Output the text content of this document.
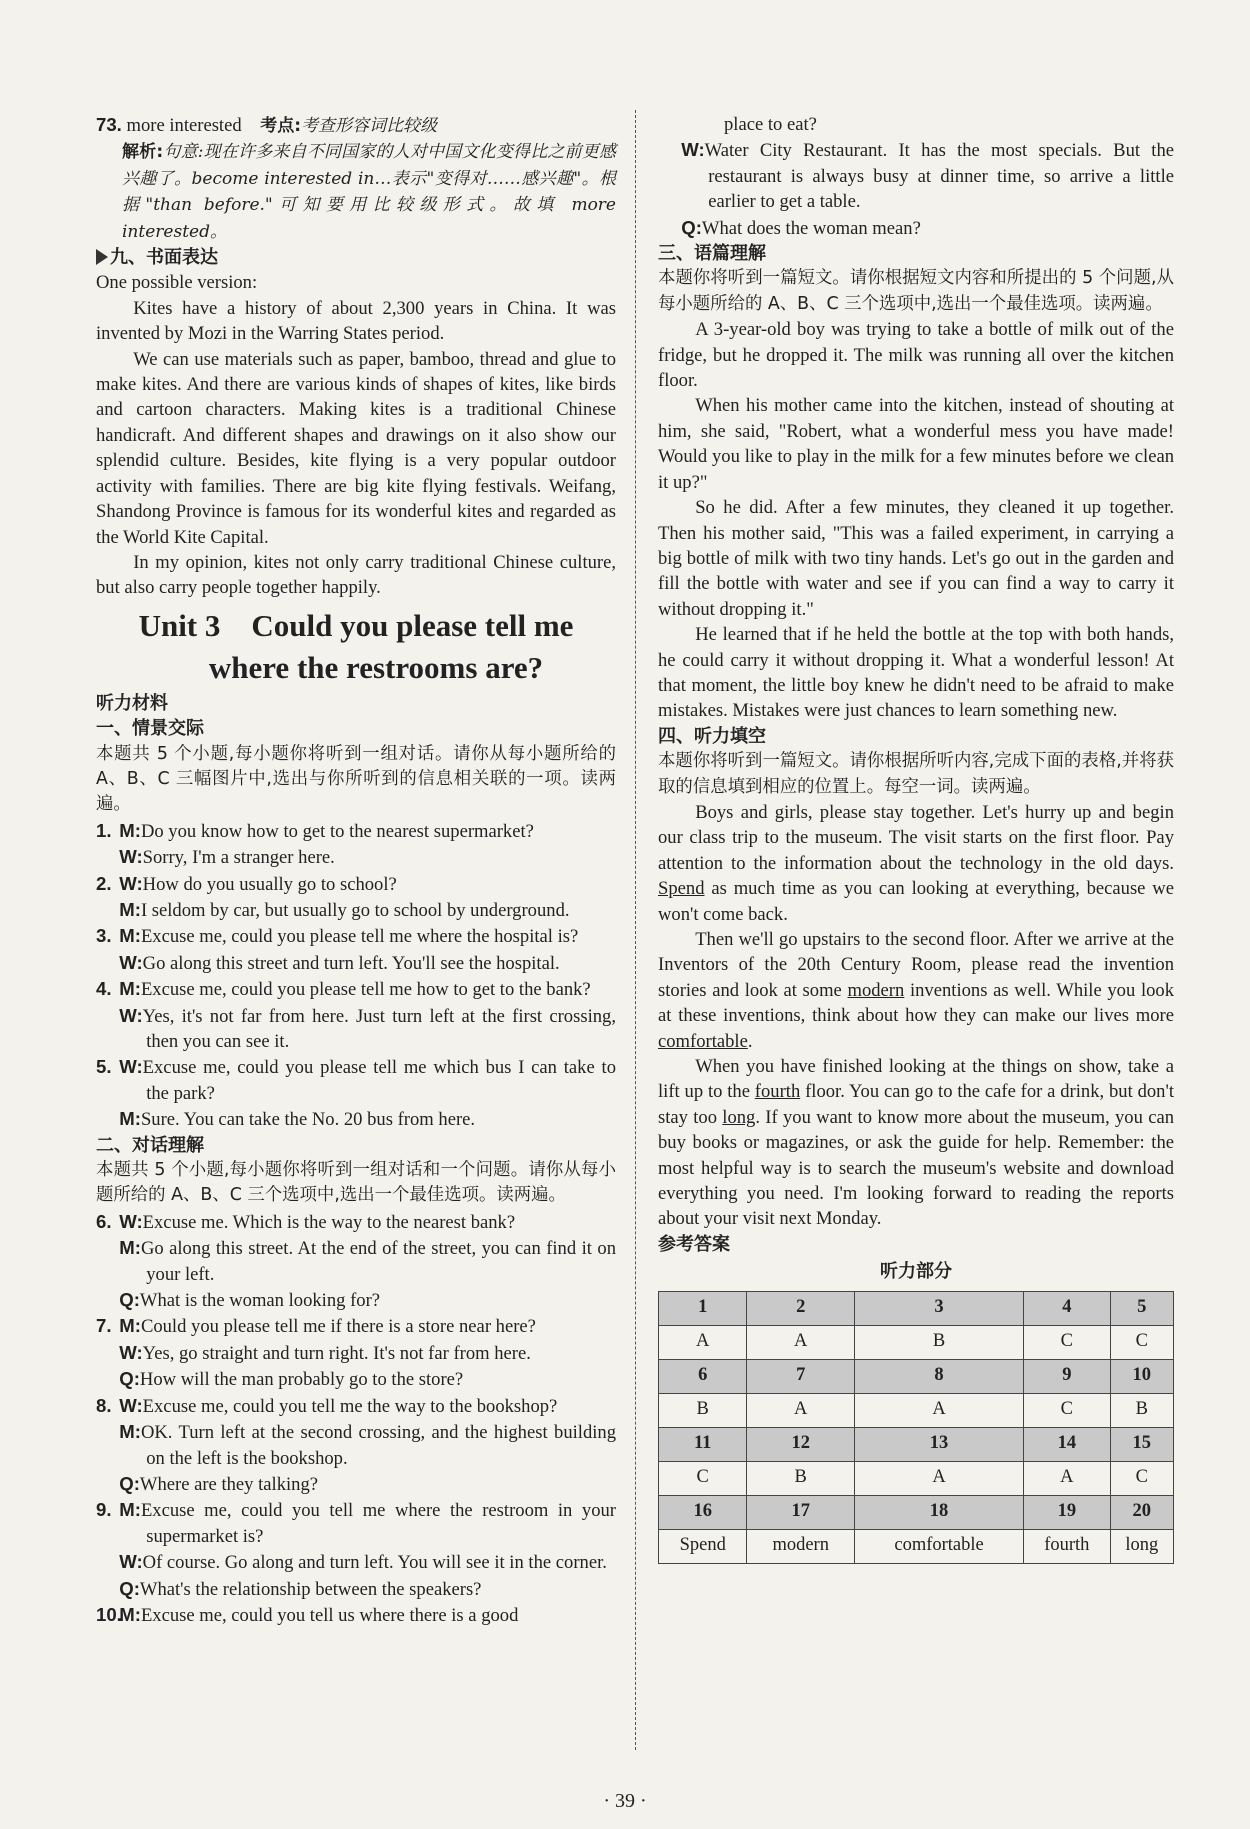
73. more interested 考点:考查形容词比较级

解析:句意:现在许多来自不同国家的人对中国文化变得比之前更感兴趣了。become interested in…表示"变得对……感兴趣"。根据"than before."可知要用比较级形式。故填 more interested。

九、书面表达

One possible version:

Kites have a history of about 2,300 years in China. It was invented by Mozi in the Warring States period.

We can use materials such as paper, bamboo, thread and glue to make kites. And there are various kinds of shapes of kites, like birds and cartoon characters. Making kites is a traditional Chinese handicraft. And different shapes and drawings on it also show our splendid culture. Besides, kite flying is a very popular outdoor activity with families. There are big kite flying festivals. Weifang, Shandong Province is famous for its wonderful kites and regarded as the World Kite Capital.

In my opinion, kites not only carry traditional Chinese culture, but also carry people together happily.

Unit 3    Could you please tell me
where the restrooms are?

听力材料

一、情景交际

本题共 5 个小题,每小题你将听到一组对话。请你从每小题所给的 A、B、C 三幅图片中,选出与你所听到的信息相关联的一项。读两遍。

1. M:Do you know how to get to the nearest supermarket?

W:Sorry, I'm a stranger here.

2. W:How do you usually go to school?

M:I seldom by car, but usually go to school by underground.

3. M:Excuse me, could you please tell me where the hospital is?

W:Go along this street and turn left. You'll see the hospital.

4. M:Excuse me, could you please tell me how to get to the bank?

W:Yes, it's not far from here. Just turn left at the first crossing, then you can see it.

5. W:Excuse me, could you please tell me which bus I can take to the park?

M:Sure. You can take the No. 20 bus from here.

二、对话理解

本题共 5 个小题,每小题你将听到一组对话和一个问题。请你从每小题所给的 A、B、C 三个选项中,选出一个最佳选项。读两遍。

6. W:Excuse me. Which is the way to the nearest bank?

M:Go along this street. At the end of the street, you can find it on your left.

Q:What is the woman looking for?

7. M:Could you please tell me if there is a store near here?

W:Yes, go straight and turn right. It's not far from here.

Q:How will the man probably go to the store?

8. W:Excuse me, could you tell me the way to the bookshop?

M:OK. Turn left at the second crossing, and the highest building on the left is the bookshop.

Q:Where are they talking?

9. M:Excuse me, could you tell me where the restroom in your supermarket is?

W:Of course. Go along and turn left. You will see it in the corner.

Q:What's the relationship between the speakers?

10.M:Excuse me, could you tell us where there is a good

place to eat?

W:Water City Restaurant. It has the most specials. But the restaurant is always busy at dinner time, so arrive a little earlier to get a table.

Q:What does the woman mean?

三、语篇理解

本题你将听到一篇短文。请你根据短文内容和所提出的 5 个问题,从每小题所给的 A、B、C 三个选项中,选出一个最佳选项。读两遍。

A 3-year-old boy was trying to take a bottle of milk out of the fridge, but he dropped it. The milk was running all over the kitchen floor.

When his mother came into the kitchen, instead of shouting at him, she said, "Robert, what a wonderful mess you have made! Would you like to play in the milk for a few minutes before we clean it up?"

So he did. After a few minutes, they cleaned it up together. Then his mother said, "This was a failed experiment, in carrying a big bottle of milk with two tiny hands. Let's go out in the garden and fill the bottle with water and see if you can find a way to carry it without dropping it."

He learned that if he held the bottle at the top with both hands, he could carry it without dropping it. What a wonderful lesson! At that moment, the little boy knew he didn't need to be afraid to make mistakes. Mistakes were just chances to learn something new.

四、听力填空

本题你将听到一篇短文。请你根据所听内容,完成下面的表格,并将获取的信息填到相应的位置上。每空一词。读两遍。

Boys and girls, please stay together. Let's hurry up and begin our class trip to the museum. The visit starts on the first floor. Pay attention to the information about the technology in the old days. Spend as much time as you can looking at everything, because we won't come back.

Then we'll go upstairs to the second floor. After we arrive at the Inventors of the 20th Century Room, please read the invention stories and look at some modern inventions as well. While you look at these inventions, think about how they can make our lives more comfortable.

When you have finished looking at the things on show, take a lift up to the fourth floor. You can go to the cafe for a drink, but don't stay too long. If you want to know more about the museum, you can buy books or magazines, or ask the guide for help. Remember: the most helpful way is to search the museum's website and download everything you need. I'm looking forward to reading the reports about your visit next Monday.

参考答案

听力部分
1	2	3	4	5
A	A	B	C	C
6	7	8	9	10
B	A	A	C	B
11	12	13	14	15
C	B	A	A	C
16	17	18	19	20
Spend	modern	comfortable	fourth	long
· 39 ·
